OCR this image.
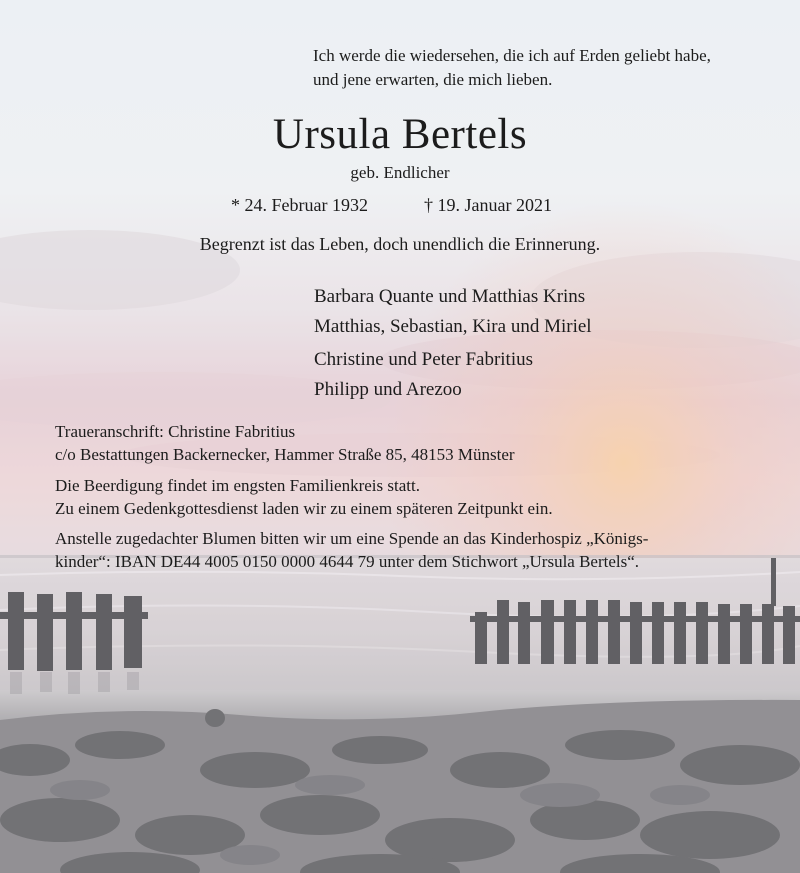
Ich werde die wiedersehen, die ich auf Erden geliebt habe,
und jene erwarten, die mich lieben.
Ursula Bertels
geb. Endlicher
* 24. Februar 1932	† 19. Januar 2021
Begrenzt ist das Leben, doch unendlich die Erinnerung.
Barbara Quante und Matthias Krins
Matthias, Sebastian, Kira und Miriel
Christine und Peter Fabritius
Philipp und Arezoo
Traueranschrift: Christine Fabritius
c/o Bestattungen Backernecker, Hammer Straße 85, 48153 Münster
Die Beerdigung findet im engsten Familienkreis statt.
Zu einem Gedenkgottesdienst laden wir zu einem späteren Zeitpunkt ein.
Anstelle zugedachter Blumen bitten wir um eine Spende an das Kinderhospiz „Königs-
kinder“: IBAN DE44 4005 0150 0000 4644 79 unter dem Stichwort „Ursula Bertels“.
